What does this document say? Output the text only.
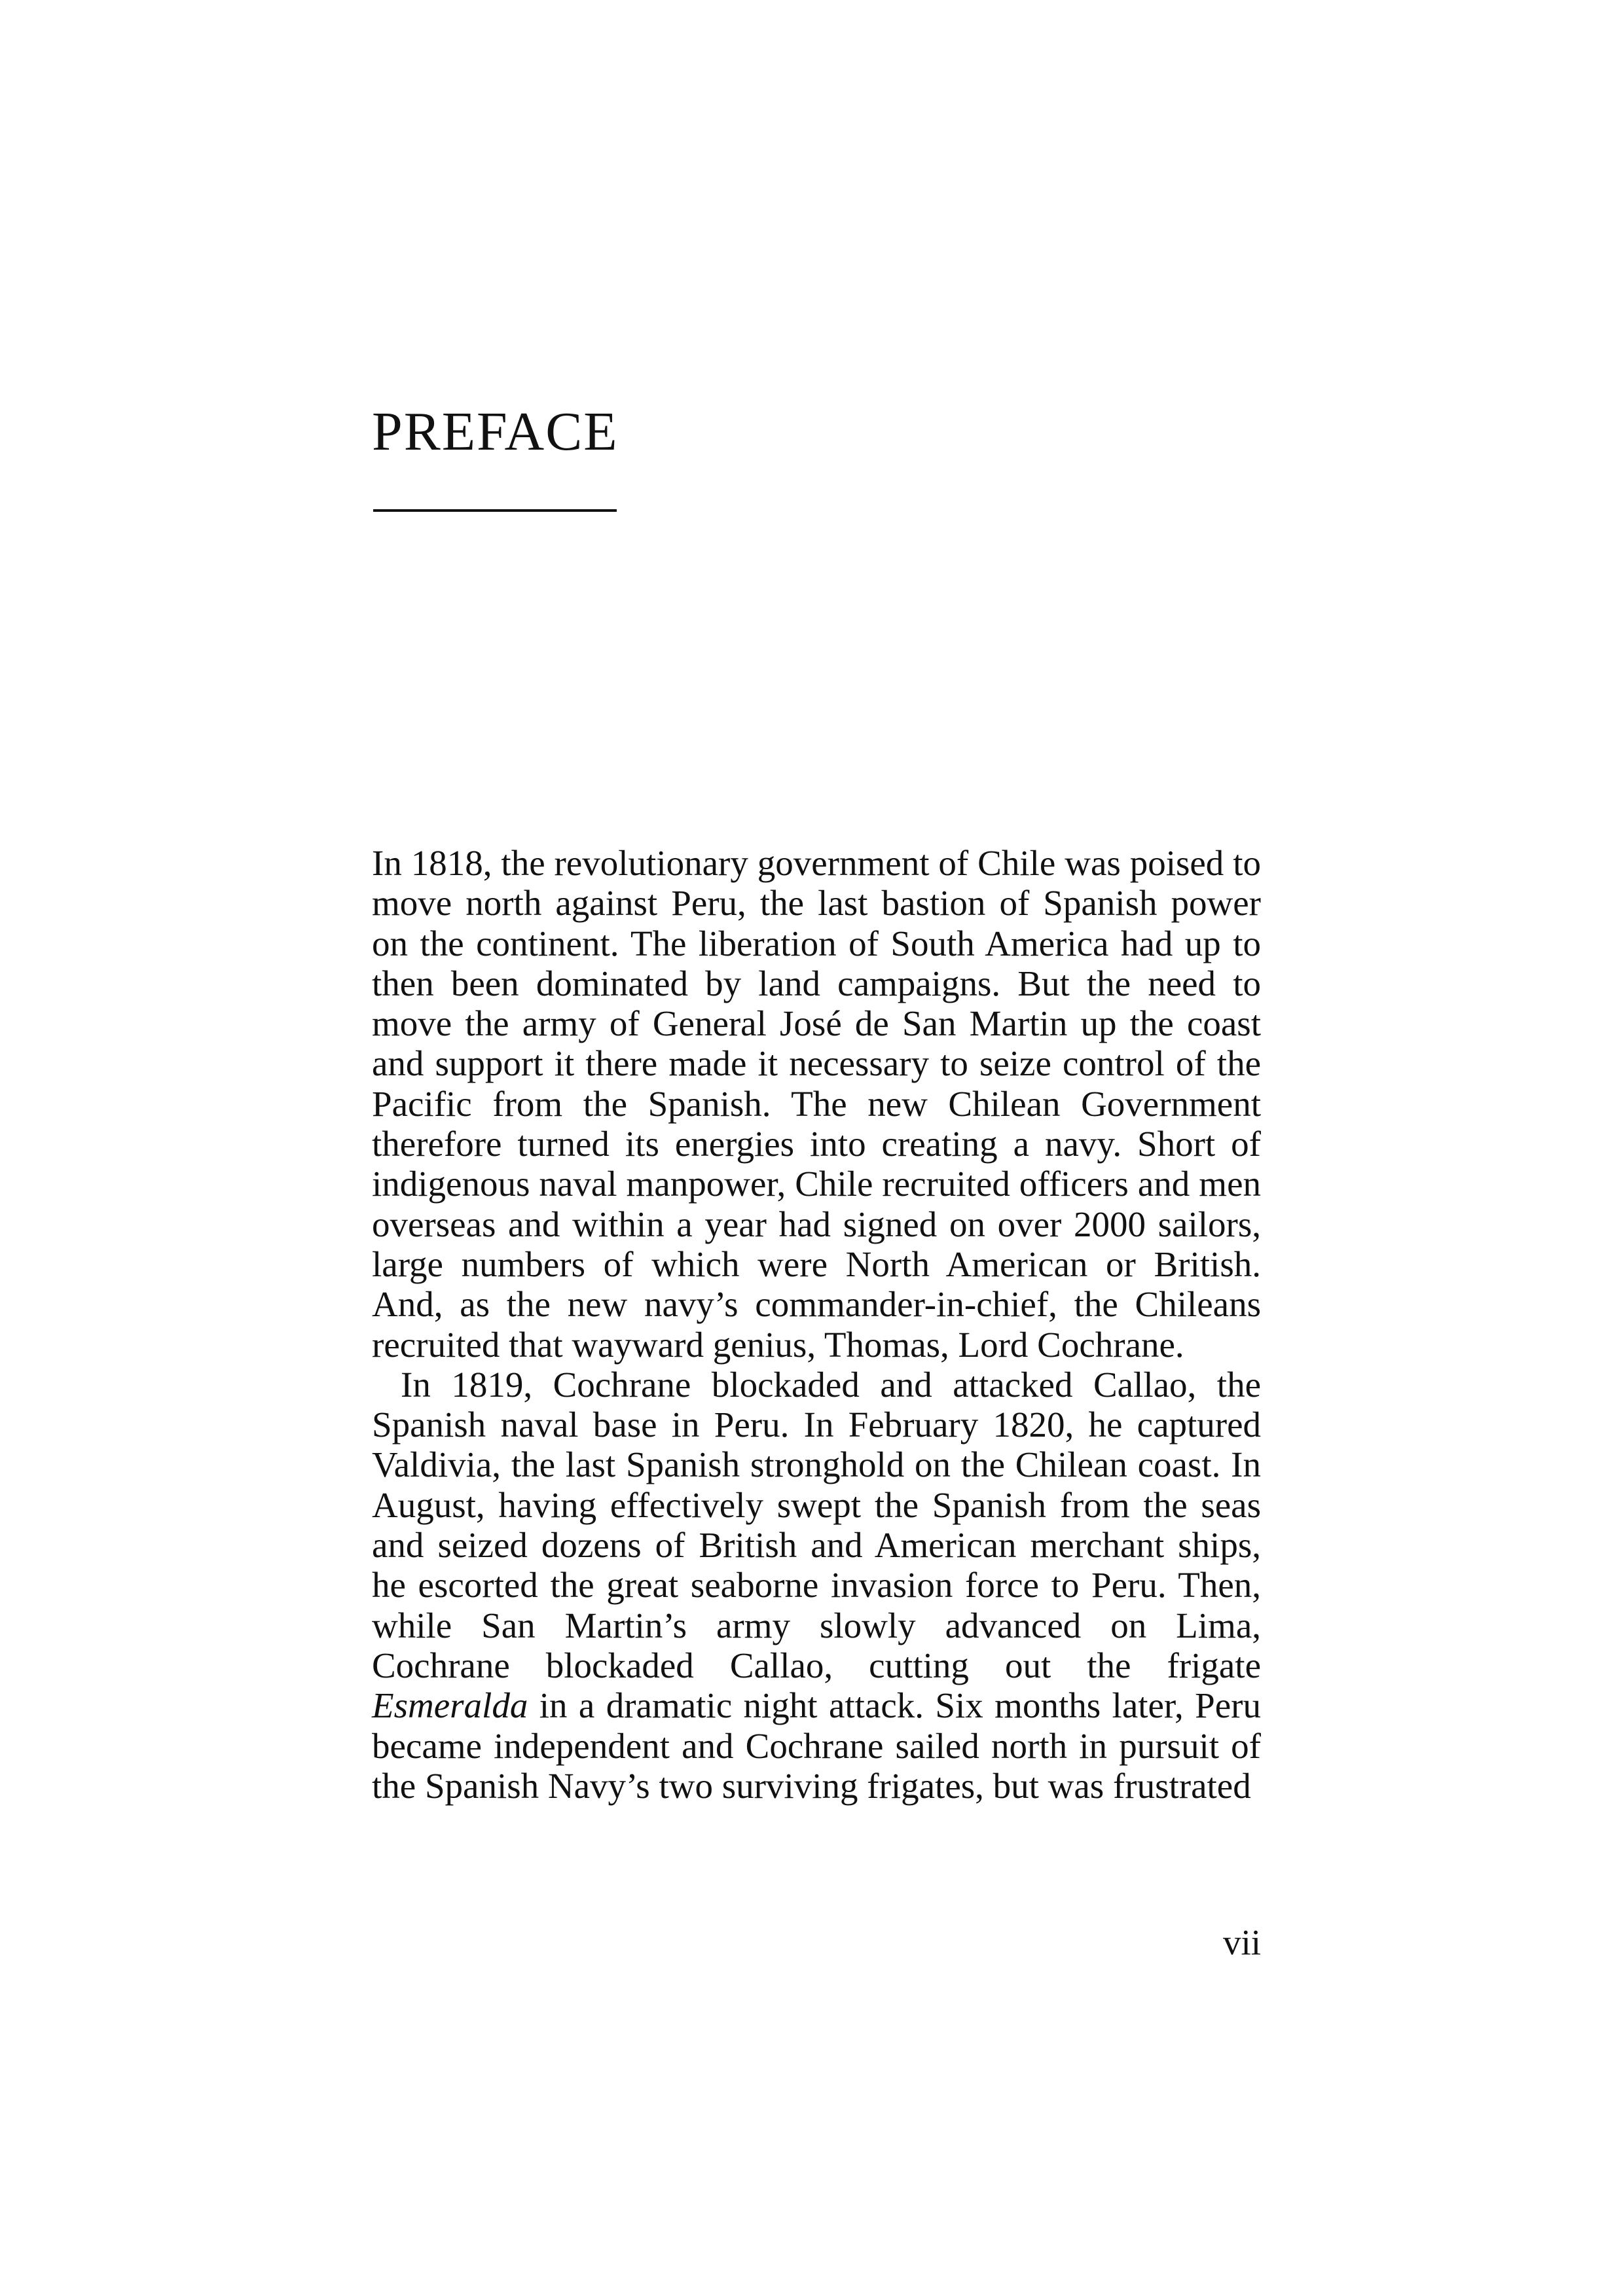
PREFACE

In 1818, the revolutionary government of Chile was poised to move north against Peru, the last bastion of Spanish power on the continent. The liberation of South America had up to then been dominated by land campaigns. But the need to move the army of General José de San Martin up the coast and support it there made it necessary to seize control of the Pacific from the Spanish. The new Chilean Government therefore turned its energies into creating a navy. Short of indigenous naval manpower, Chile recruited officers and men overseas and within a year had signed on over 2000 sailors, large numbers of which were North American or British. And, as the new navy’s commander-in-chief, the Chileans recruited that wayward genius, Thomas, Lord Cochrane.

In 1819, Cochrane blockaded and attacked Callao, the Spanish naval base in Peru. In February 1820, he captured Valdivia, the last Spanish stronghold on the Chilean coast. In August, having effectively swept the Spanish from the seas and seized dozens of British and American merchant ships, he escorted the great seaborne invasion force to Peru. Then, while San Martin’s army slowly advanced on Lima, Cochrane blockaded Callao, cutting out the frigate Esmeralda in a dramatic night attack. Six months later, Peru became independent and Cochrane sailed north in pursuit of the Spanish Navy’s two surviving frigates, but was frustrated

vii
